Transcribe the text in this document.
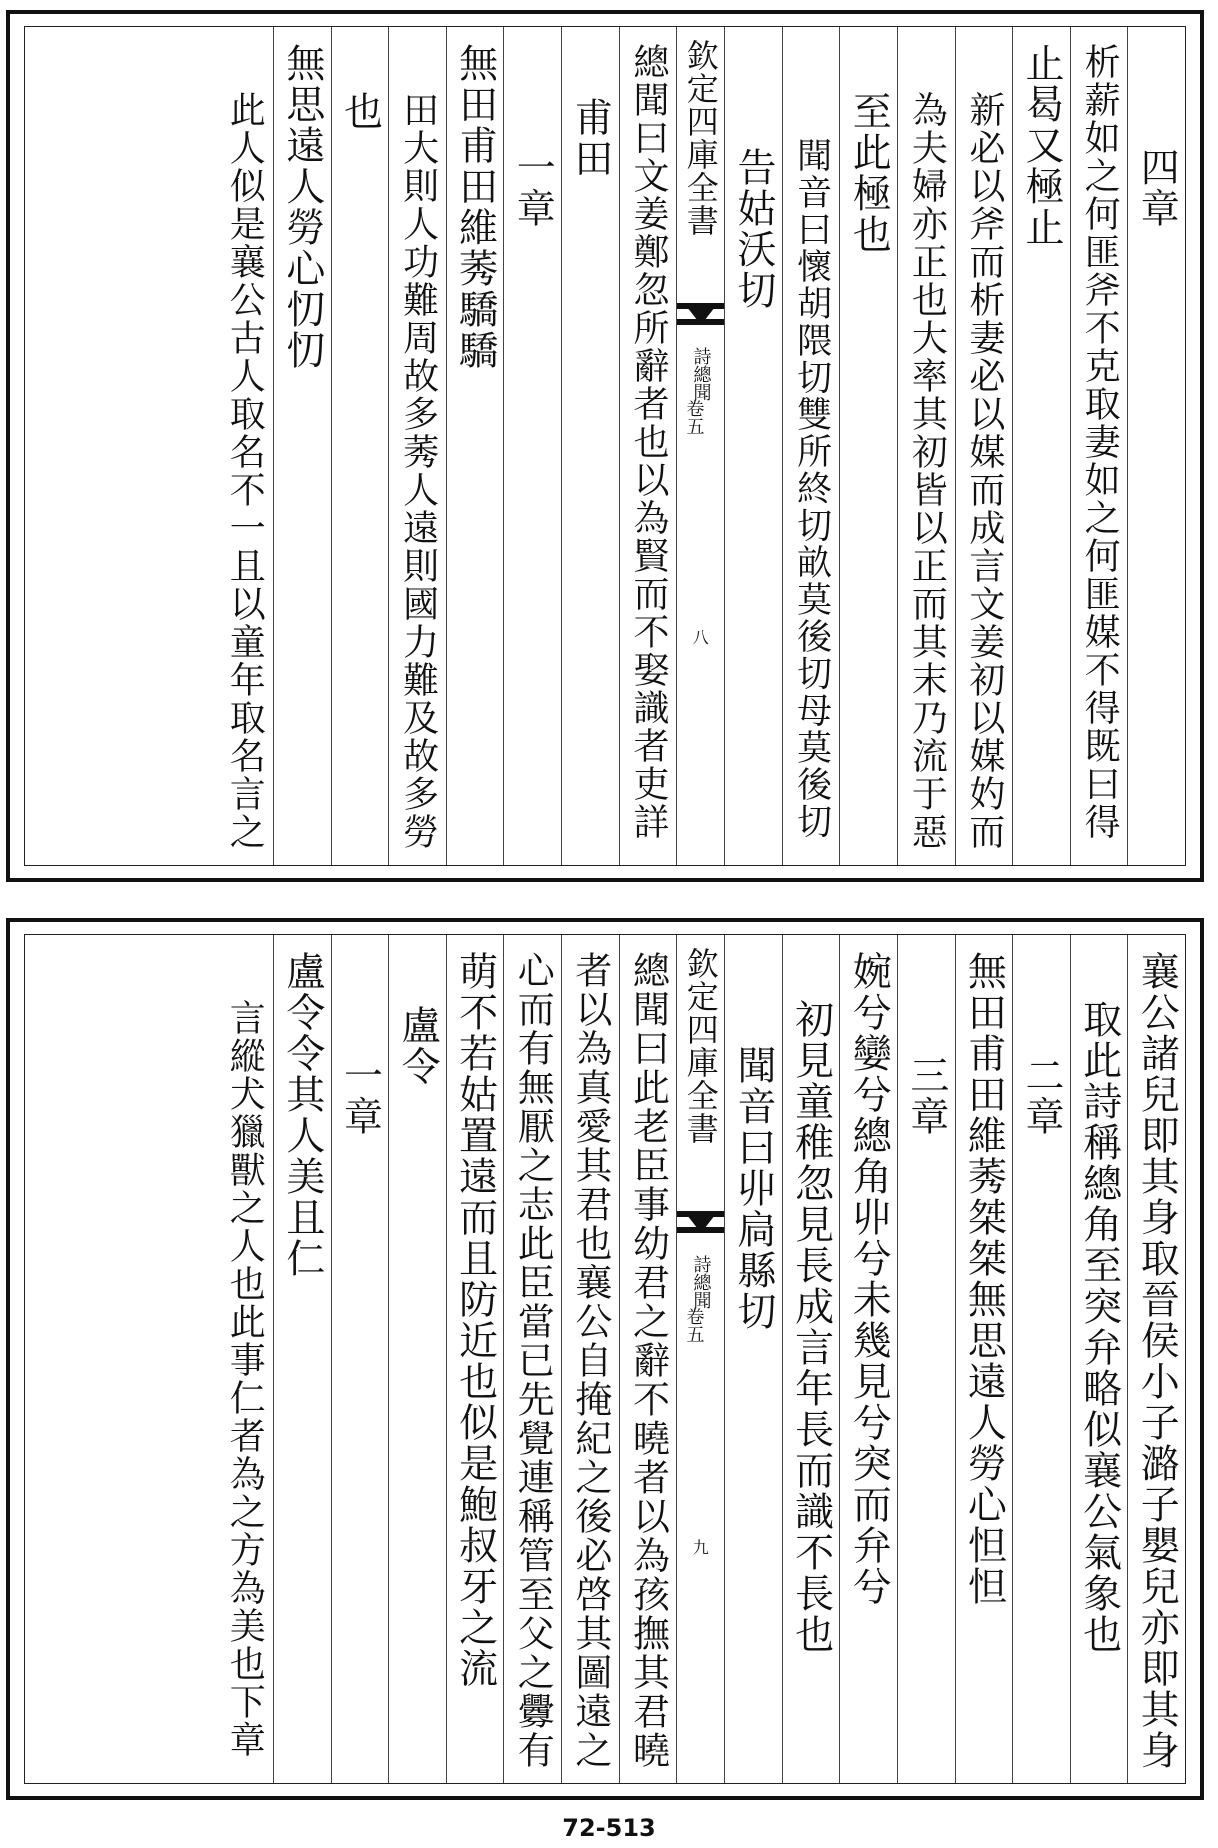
四章
析薪如之何匪斧不克取妻如之何匪媒不得既曰得
止曷又極止
新必以斧而析妻必以媒而成言文姜初以媒妁而
為夫婦亦正也大率其初皆以正而其末乃流于惡
至此極也
聞音曰懷胡隈切雙所終切畝莫後切母莫後切
告姑沃切
欽定四庫全書
詩總聞
卷五
八
總聞曰文姜鄭忽所辭者也以為賢而不娶識者吏詳
甫田
一章
無田甫田維莠驕驕
田大則人功難周故多莠人遠則國力難及故多勞
也
無思遠人勞心忉忉
此人似是襄公古人取名不一且以童年取名言之
襄公諸兒即其身取晉侯小子潞子嬰兒亦即其身
取此詩稱總角至突弁略似襄公氣象也
二章
無田甫田維莠桀桀無思遠人勞心怛怛
三章
婉兮孌兮總角丱兮未幾見兮突而弁兮
初見童稚忽見長成言年長而識不長也
聞音曰丱扃縣切
欽定四庫全書
詩總聞
卷五
九
總聞曰此老臣事幼君之辭不曉者以為孩撫其君曉
者以為真愛其君也襄公自掩紀之後必啓其圖遠之
心而有無厭之志此臣當已先覺連稱管至父之釁有
萌不若姑置遠而且防近也似是鮑叔牙之流
盧令
一章
盧令令其人美且仁
言縱犬獵獸之人也此事仁者為之方為美也下章
72-513
